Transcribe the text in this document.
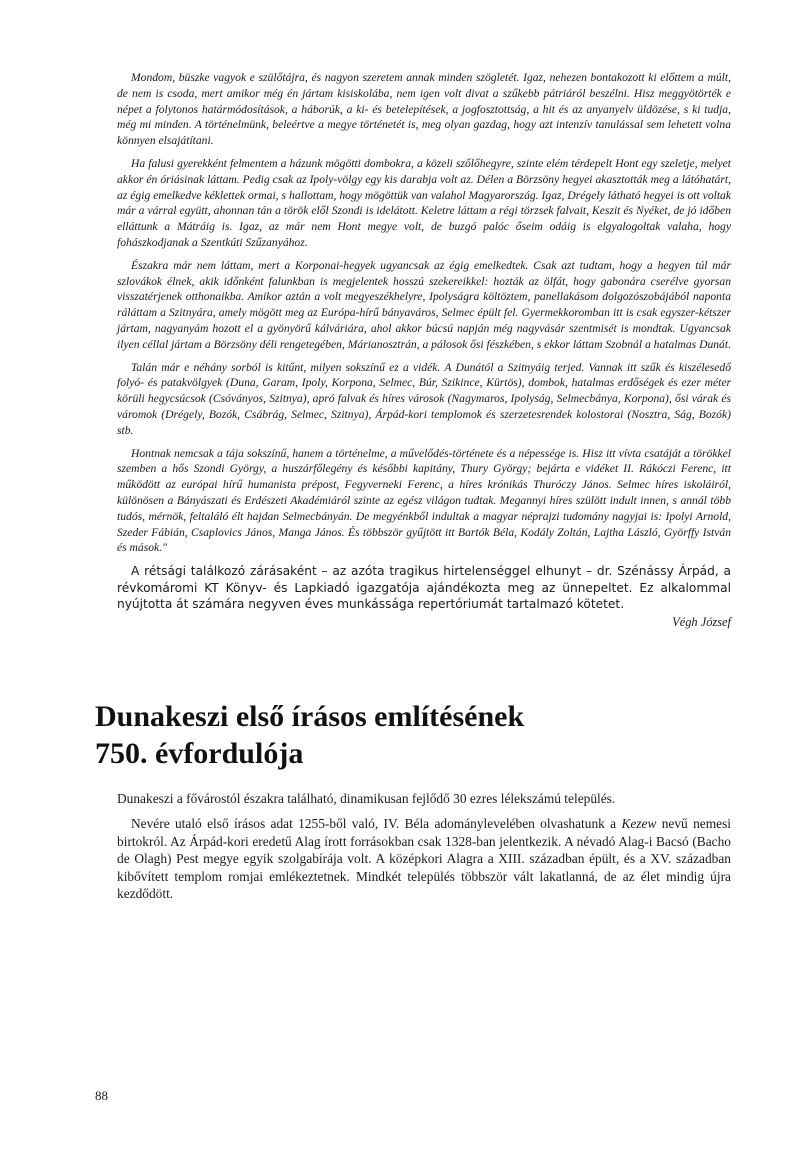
Mondom, büszke vagyok e szülőtájra, és nagyon szeretem annak minden szögletét. Igaz, nehezen bontakozott ki előttem a múlt, de nem is csoda, mert amikor még én jártam kisiskolába, nem igen volt divat a szűkebb pátriáról beszélni. Hisz meggyötörték e népet a folytonos határmódosítások, a háborúk, a ki- és betelepítések, a jogfosztottság, a hit és az anyanyelv üldözése, s ki tudja, még mi minden. A történelmünk, beleértve a megye történetét is, meg olyan gazdag, hogy azt intenzív tanulással sem lehetett volna könnyen elsajátítani.

Ha falusi gyerekként felmentem a házunk mögötti dombokra, a közeli szőlőhegyre, szinte elém térdepelt Hont egy szeletje, melyet akkor én óriásinak láttam. Pedig csak az Ipoly-völgy egy kis darabja volt az. Délen a Börzsöny hegyei akasztották meg a látóhatárt, az égig emelkedve kéklettek ormai, s hallottam, hogy mögöttük van valahol Magyarország. Igaz, Drégely látható hegyei is ott voltak már a várral együtt, ahonnan tán a török elől Szondi is idelátott. Keletre láttam a régi törzsek falvait, Keszit és Nyéket, de jó időben elláttunk a Mátráig is. Igaz, az már nem Hont megye volt, de buzgó palóc őseim odáig is elgyalogoltak valaha, hogy fohászkodjanak a Szentkúti Szűzanyához.

Északra már nem láttam, mert a Korponai-hegyek ugyancsak az égig emelkedtek. Csak azt tudtam, hogy a hegyen túl már szlovákok élnek, akik időnként falunkban is megjelentek hosszú szekereikkel: hozták az ölfát, hogy gabonára cserélve gyorsan visszatérjenek otthonaikba. Amikor aztán a volt megyeszékhelyre, Ipolyságra költöztem, panellakásom dolgozószobájából naponta ráláttam a Szitnyára, amely mögött meg az Európa-hírű bányaváros, Selmec épült fel. Gyermekkoromban itt is csak egyszer-kétszer jártam, nagyanyám hozott el a gyönyörű kálváriára, ahol akkor búcsú napján még nagyvásár szentmisét is mondtak. Ugyancsak ilyen céllal jártam a Börzsöny déli rengetegében, Márianosztrán, a pálosok ősi fészkében, s ekkor láttam Szobnál a hatalmas Dunát.

Talán már e néhány sorból is kitűnt, milyen sokszínű ez a vidék. A Dunától a Szitnyáig terjed. Vannak itt szűk és kiszélesedő folyó- és patakvölgyek (Duna, Garam, Ipoly, Korpona, Selmec, Búr, Szikince, Kürtös), dombok, hatalmas erdőségek és ezer méter körüli hegycsúcsok (Csóványos, Szitnya), apró falvak és híres városok (Nagymaros, Ipolyság, Selmecbánya, Korpona), ősi várak és váromok (Drégely, Bozók, Csábrág, Selmec, Szitnya), Árpád-kori templomok és szerzetesrendek kolostorai (Nosztra, Ság, Bozók) stb.

Hontnak nemcsak a tája sokszínű, hanem a történelme, a művelődés-története és a népessége is. Hisz itt vívta csatáját a törökkel szemben a hős Szondi György, a huszárfőlegény és későbbi kapitány, Thury György; bejárta e vidéket II. Rákóczi Ferenc, itt működött az európai hírű humanista prépost, Fegyverneki Ferenc, a híres krónikás Thuróczy János. Selmec híres iskoláiról, különösen a Bányászati és Erdészeti Akadémiáról szinte az egész világon tudtak. Megannyi híres szülött indult innen, s annál több tudós, mérnök, feltaláló élt hajdan Selmecbányán. De megyénkből indultak a magyar néprajzi tudomány nagyjai is: Ipolyi Arnold, Szeder Fábián, Csaplovics János, Manga János. És többször gyűjtött itt Bartók Béla, Kodály Zoltán, Lajtha László, Györffy István és mások."

A rétsági találkozó zárásaként – az azóta tragikus hirtelenséggel elhunyt – dr. Szénássy Árpád, a révkomáromi KT Könyv- és Lapkiadó igazgatója ajándékozta meg az ünnepeltet. Ez alkalommal nyújtotta át számára negyven éves munkássága repertóriumát tartalmazó kötetet.

Végh József

Dunakeszi első írásos említésének
750. évfordulója

Dunakeszi a fővárostól északra található, dinamikusan fejlődő 30 ezres lélekszámú település.

Nevére utaló első írásos adat 1255-ből való, IV. Béla adománylevelében olvashatunk a Kezew nevű nemesi birtokról. Az Árpád-kori eredetű Alag írott forrásokban csak 1328-ban jelentkezik. A névadó Alag-i Bacsó (Bacho de Olagh) Pest megye egyik szolgabírája volt. A középkori Alagra a XIII. században épült, és a XV. században kibővített templom romjai emlékeztetnek. Mindkét település többször vált lakatlanná, de az élet mindig újra kezdődött.

88
